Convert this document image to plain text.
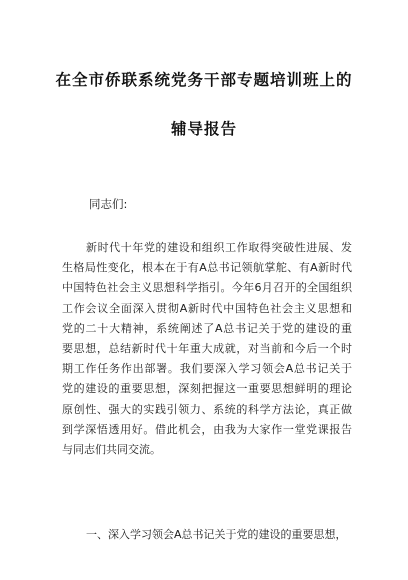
在全市侨联系统党务干部专题培训班上的
辅导报告
同志们:
新时代十年党的建设和组织工作取得突破性进展、发
生格局性变化，根本在于有A总书记领航掌舵、有A新时代
中国特色社会主义思想科学指引。今年6月召开的全国组织
工作会议全面深入贯彻A新时代中国特色社会主义思想和
党的二十大精神，系统阐述了A总书记关于党的建设的重
要思想，总结新时代十年重大成就，对当前和今后一个时
期工作任务作出部署。我们要深入学习领会A总书记关于
党的建设的重要思想，深刻把握这一重要思想鲜明的理论
原创性、强大的实践引领力、系统的科学方法论，真正做
到学深悟透用好。借此机会，由我为大家作一堂党课报告
与同志们共同交流。
一、深入学习领会A总书记关于党的建设的重要思想，
